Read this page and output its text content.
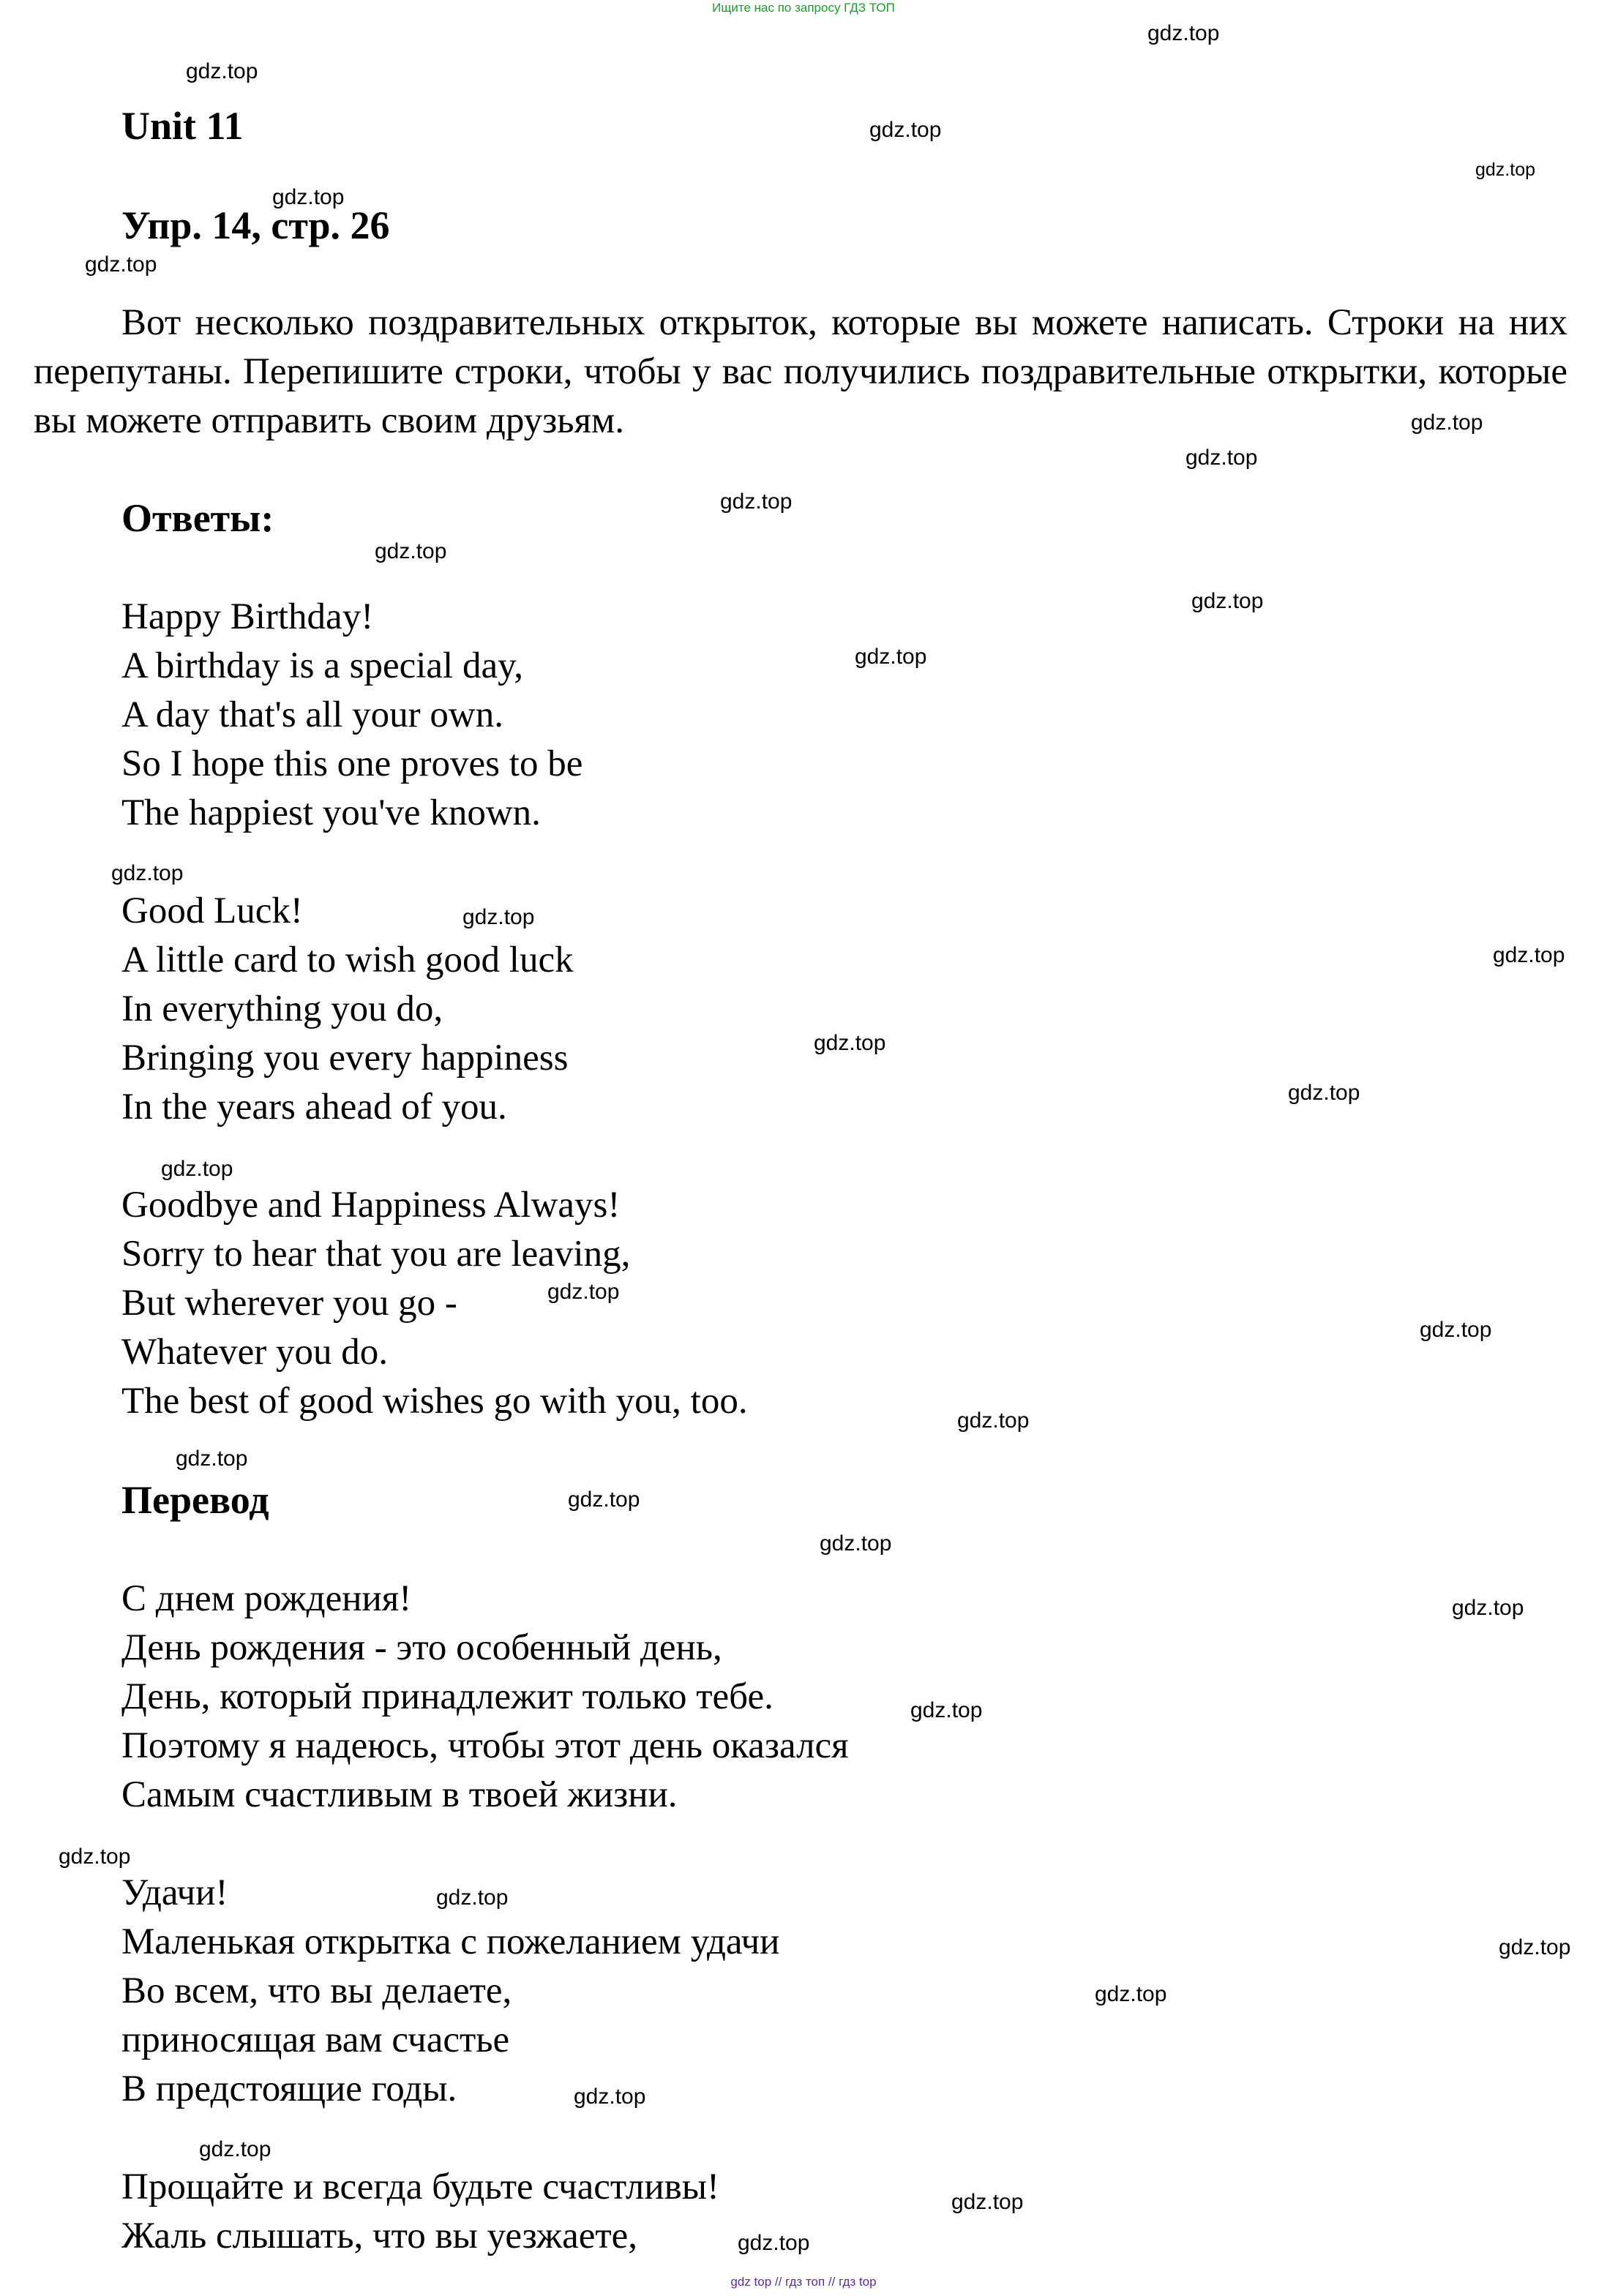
Ищите нас по запросу ГДЗ ТОП
Unit 11
Упр. 14, стр. 26

Вот несколько поздравительных открыток, которые вы можете написать. Строки на них перепутаны. Перепишите строки, чтобы у вас получились поздравительные открытки, которые вы можете отправить своим друзьям.

Ответы:
Happy Birthday!
A birthday is a special day,
A day that's all your own.
So I hope this one proves to be
The happiest you've known.
Good Luck!
A little card to wish good luck
In everything you do,
Bringing you every happiness
In the years ahead of you.
Goodbye and Happiness Always!
Sorry to hear that you are leaving,
But wherever you go -
Whatever you do.
The best of good wishes go with you, too.
Перевод
С днем рождения!
День рождения - это особенный день,
День, который принадлежит только тебе.
Поэтому я надеюсь, чтобы этот день оказался
Самым счастливым в твоей жизни.
Удачи!
Маленькая открытка с пожеланием удачи
Во всем, что вы делаете,
приносящая вам счастье
В предстоящие годы.
Прощайте и всегда будьте счастливы!
Жаль слышать, что вы уезжаете,
gdz.top
gdz.top
gdz.top
gdz.top
gdz.top
gdz.top
gdz.top
gdz.top
gdz.top
gdz.top
gdz.top
gdz.top
gdz.top
gdz.top
gdz.top
gdz.top
gdz.top
gdz.top
gdz.top
gdz.top
gdz.top
gdz.top
gdz.top
gdz.top
gdz.top
gdz.top
gdz.top
gdz.top
gdz.top
gdz.top
gdz.top
gdz.top
gdz.top
gdz.top
gdz top // гдз топ // гдз top
